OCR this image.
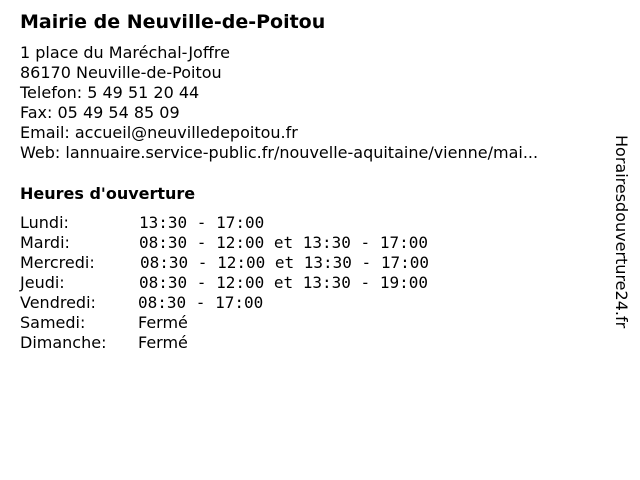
Mairie de Neuville-de-Poitou
1 place du Maréchal-Joffre
86170 Neuville-de-Poitou
Telefon: 5 49 51 20 44
Fax: 05 49 54 85 09
Email: accueil@neuvilledepoitou.fr
Web: lannuaire.service-public.fr/nouvelle-aquitaine/vienne/mai...
Heures d'ouverture
Lundi:	13:30 - 17:00
Mardi:	08:30 - 12:00 et 13:30 - 17:00
Mercredi:	08:30 - 12:00 et 13:30 - 17:00
Jeudi:	08:30 - 12:00 et 13:30 - 19:00
Vendredi:	08:30 - 17:00
Samedi:	Fermé
Dimanche: Fermé
Horairesdouverture24.fr
